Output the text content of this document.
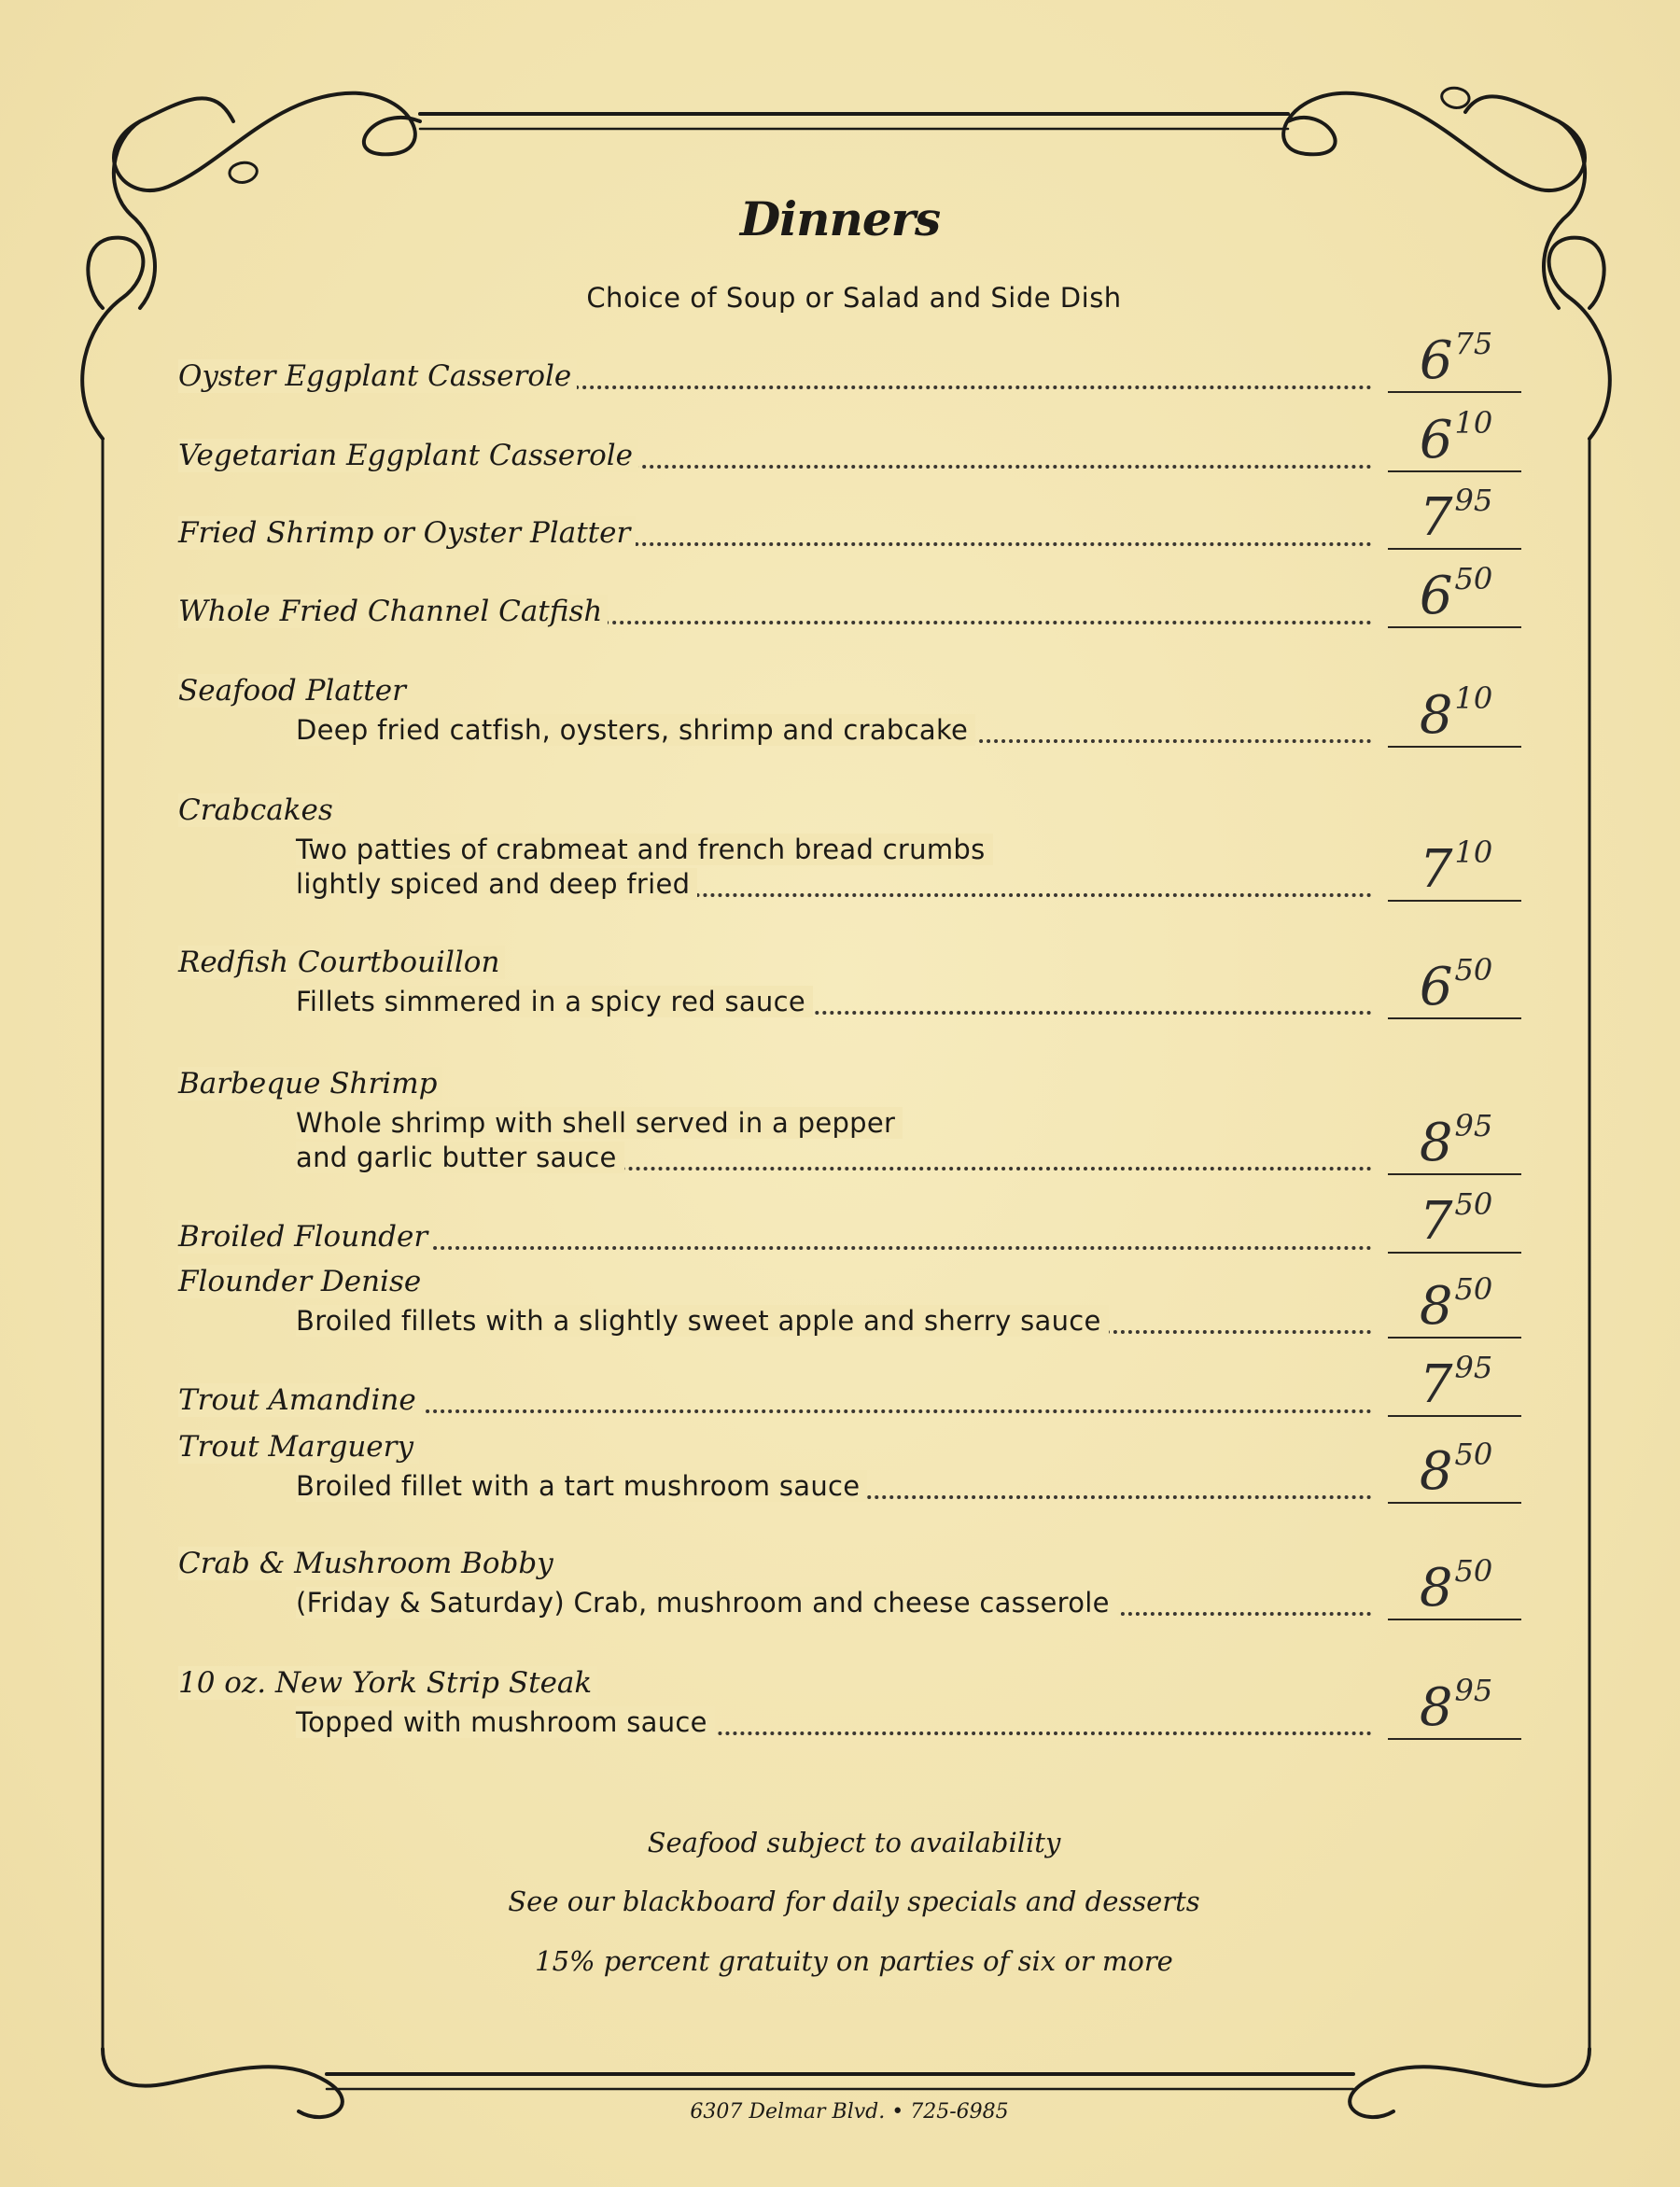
Dinners
Choice of Soup or Salad and Side Dish
Oyster Eggplant Casserole	675
Vegetarian Eggplant Casserole	610
Fried Shrimp or Oyster Platter	795
Whole Fried Channel Catfish	650
Seafood Platter
Deep fried catfish, oysters, shrimp and crabcake	810
Crabcakes
Two patties of crabmeat and french bread crumbs
lightly spiced and deep fried	710
Redfish Courtbouillon
Fillets simmered in a spicy red sauce	650
Barbeque Shrimp
Whole shrimp with shell served in a pepper
and garlic butter sauce	895
Broiled Flounder	750
Flounder Denise
Broiled fillets with a slightly sweet apple and sherry sauce	850
Trout Amandine	795
Trout Marguery
Broiled fillet with a tart mushroom sauce	850
Crab & Mushroom Bobby
(Friday & Saturday) Crab, mushroom and cheese casserole	850
10 oz. New York Strip Steak
Topped with mushroom sauce	895
Seafood subject to availability
See our blackboard for daily specials and desserts
15% percent gratuity on parties of six or more
6307 Delmar Blvd. • 725-6985
